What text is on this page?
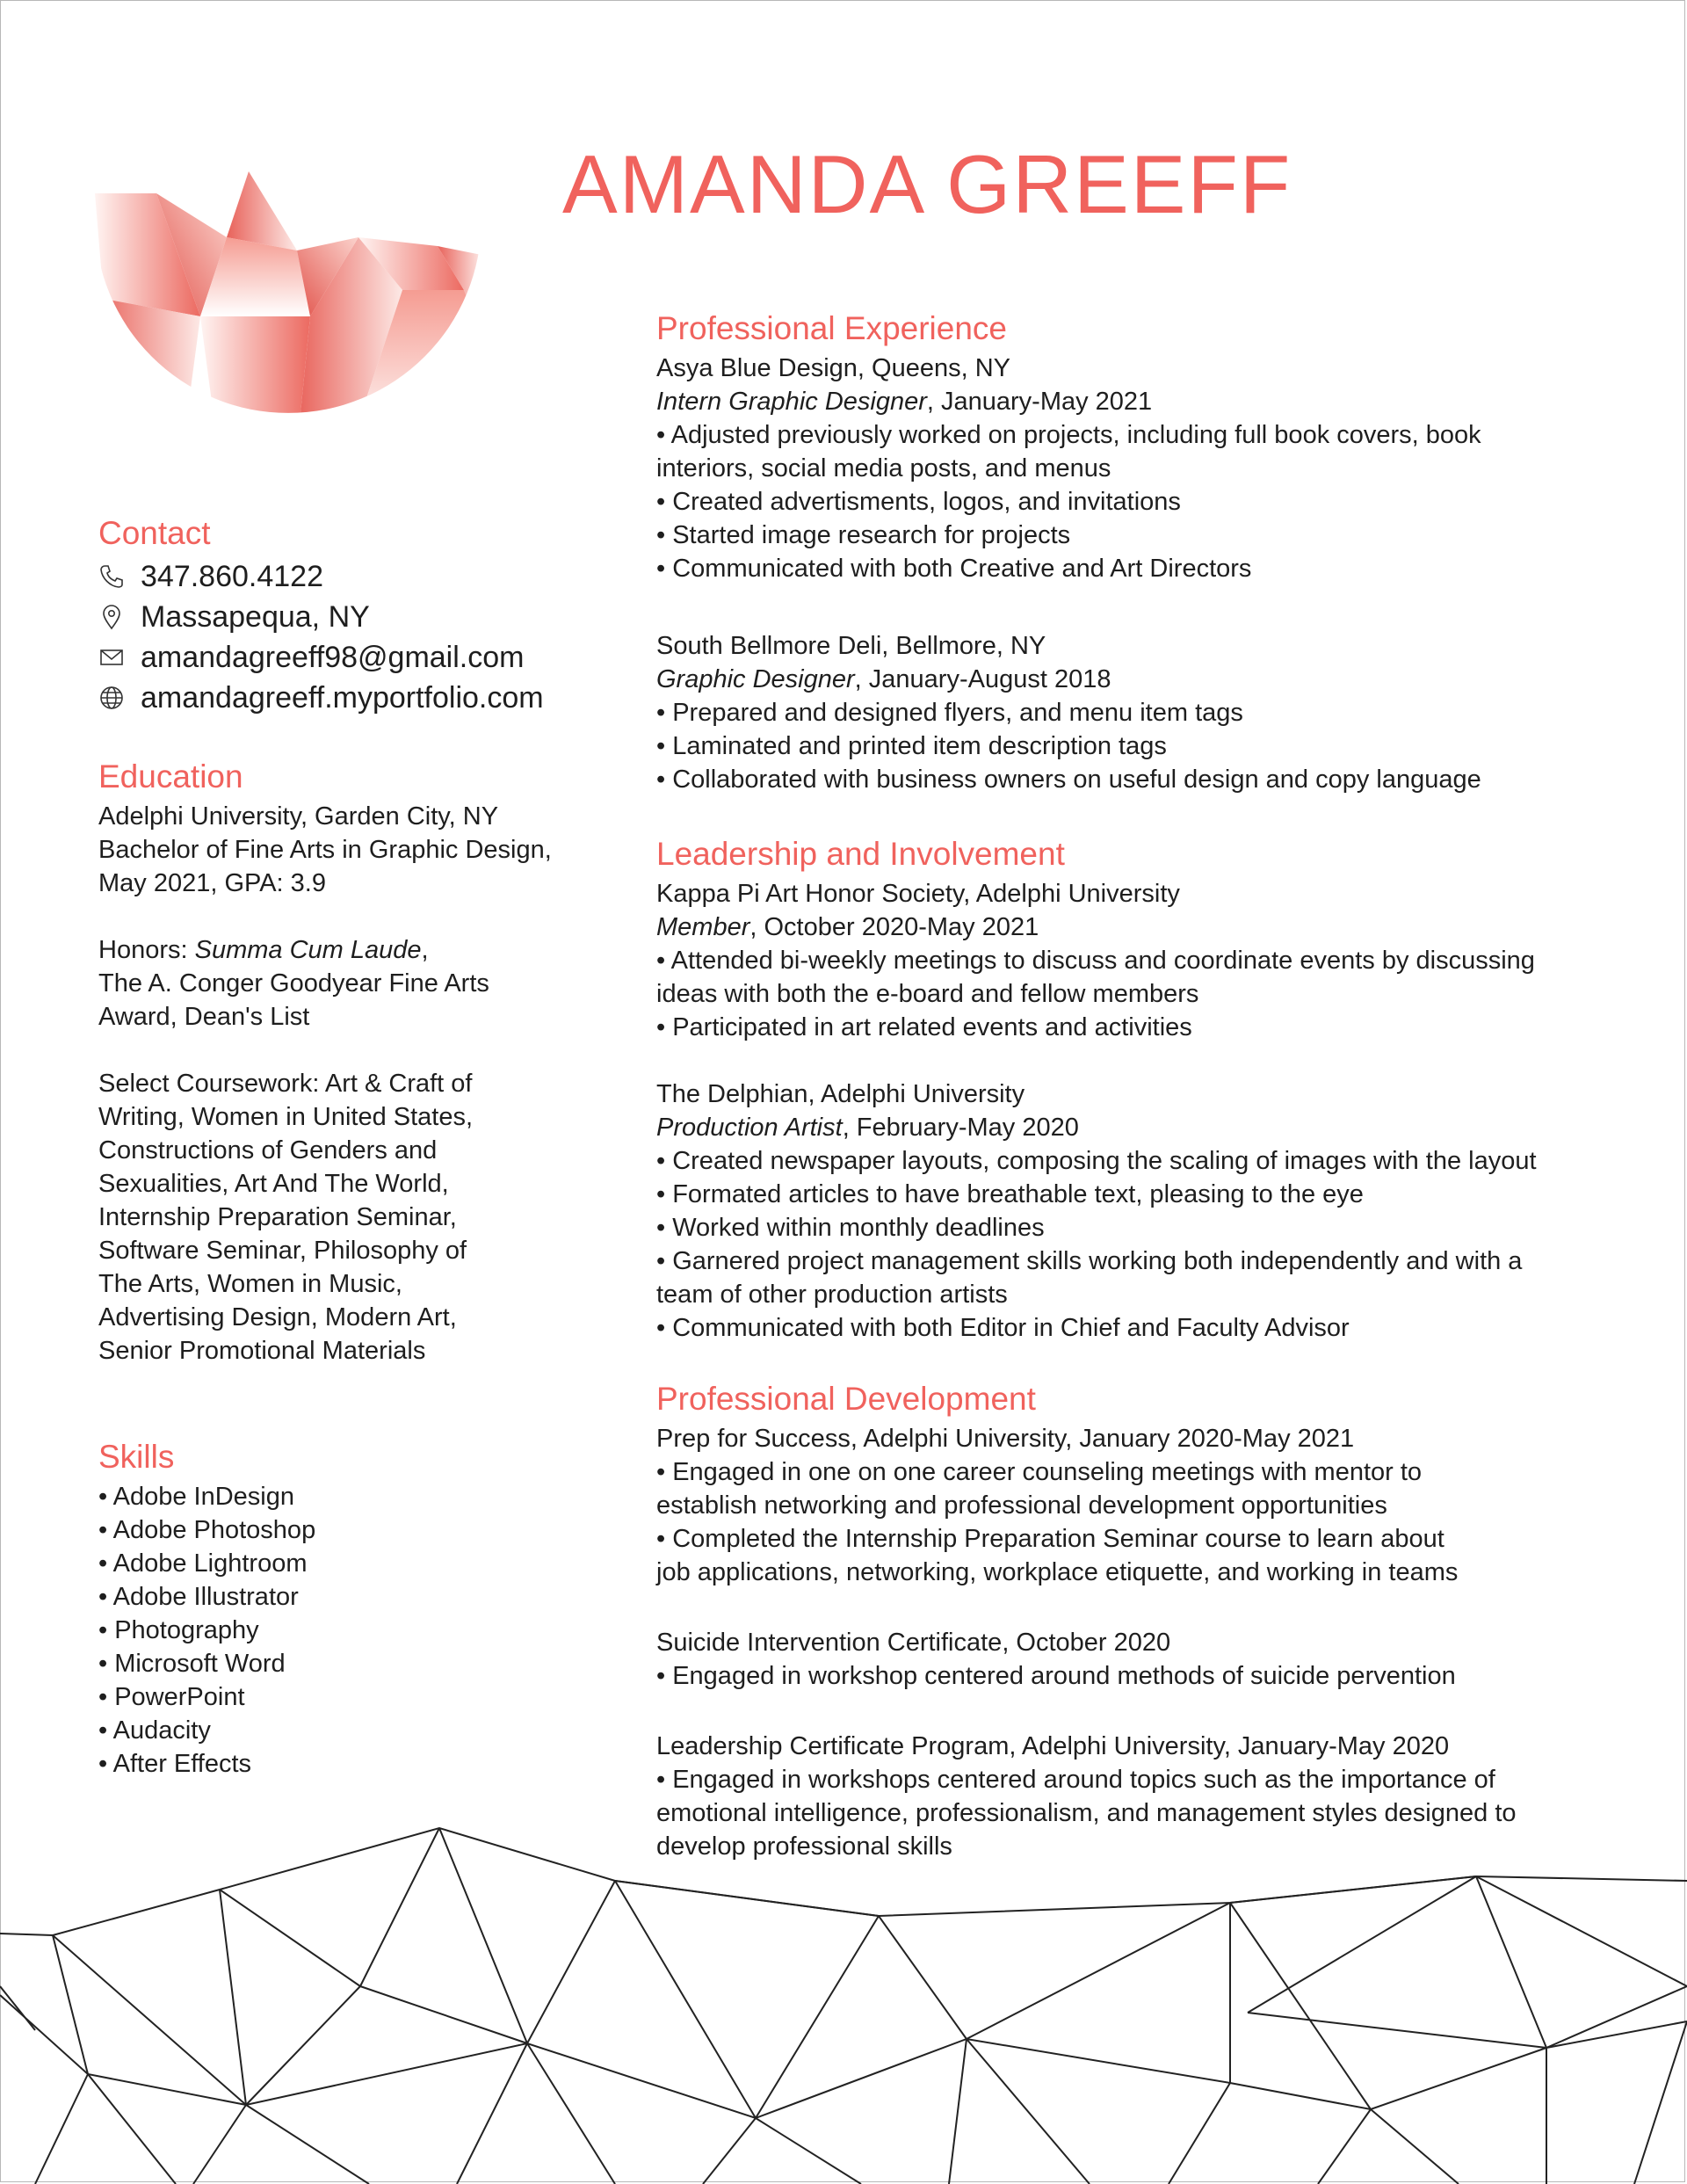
AMANDA GREEFF
Contact
347.860.4122
Massapequa, NY
amandagreeff98@gmail.com
amandagreeff.myportfolio.com
Education

Adelphi University, Garden City, NY

Bachelor of Fine Arts in Graphic Design,

May 2021, GPA: 3.9

Honors: Summa Cum Laude,

The A. Conger Goodyear Fine Arts

Award, Dean's List

Select Coursework: Art & Craft of

Writing, Women in United States,

Constructions of Genders and

Sexualities, Art And The World,

Internship Preparation Seminar,

Software Seminar, Philosophy of

The Arts, Women in Music,

Advertising Design, Modern Art,

Senior Promotional Materials

Skills

• Adobe InDesign

• Adobe Photoshop

• Adobe Lightroom

• Adobe Illustrator

• Photography

• Microsoft Word

• PowerPoint

• Audacity

• After Effects

Professional Experience

Asya Blue Design, Queens, NY

Intern Graphic Designer, January-May 2021

• Adjusted previously worked on projects, including full book covers, book

interiors, social media posts, and menus

• Created advertisments, logos, and invitations

• Started image research for projects

• Communicated with both Creative and Art Directors

South Bellmore Deli, Bellmore, NY

Graphic Designer, January-August 2018

• Prepared and designed flyers, and menu item tags

• Laminated and printed item description tags

• Collaborated with business owners on useful design and copy language

Leadership and Involvement

Kappa Pi Art Honor Society, Adelphi University

Member, October 2020-May 2021

• Attended bi-weekly meetings to discuss and coordinate events by discussing

ideas with both the e-board and fellow members

• Participated in art related events and activities

The Delphian, Adelphi University

Production Artist, February-May 2020

• Created newspaper layouts, composing the scaling of images with the layout

• Formated articles to have breathable text, pleasing to the eye

• Worked within monthly deadlines

• Garnered project management skills working both independently and with a

team of other production artists

• Communicated with both Editor in Chief and Faculty Advisor

Professional Development

Prep for Success, Adelphi University, January 2020-May 2021

• Engaged in one on one career counseling meetings with mentor to

establish networking and professional development opportunities

• Completed the Internship Preparation Seminar course to learn about

job applications, networking, workplace etiquette, and working in teams

Suicide Intervention Certificate, October 2020

• Engaged in workshop centered around methods of suicide pervention

Leadership Certificate Program, Adelphi University, January-May 2020

• Engaged in workshops centered around topics such as the importance of

emotional intelligence, professionalism, and management styles designed to

develop professional skills
